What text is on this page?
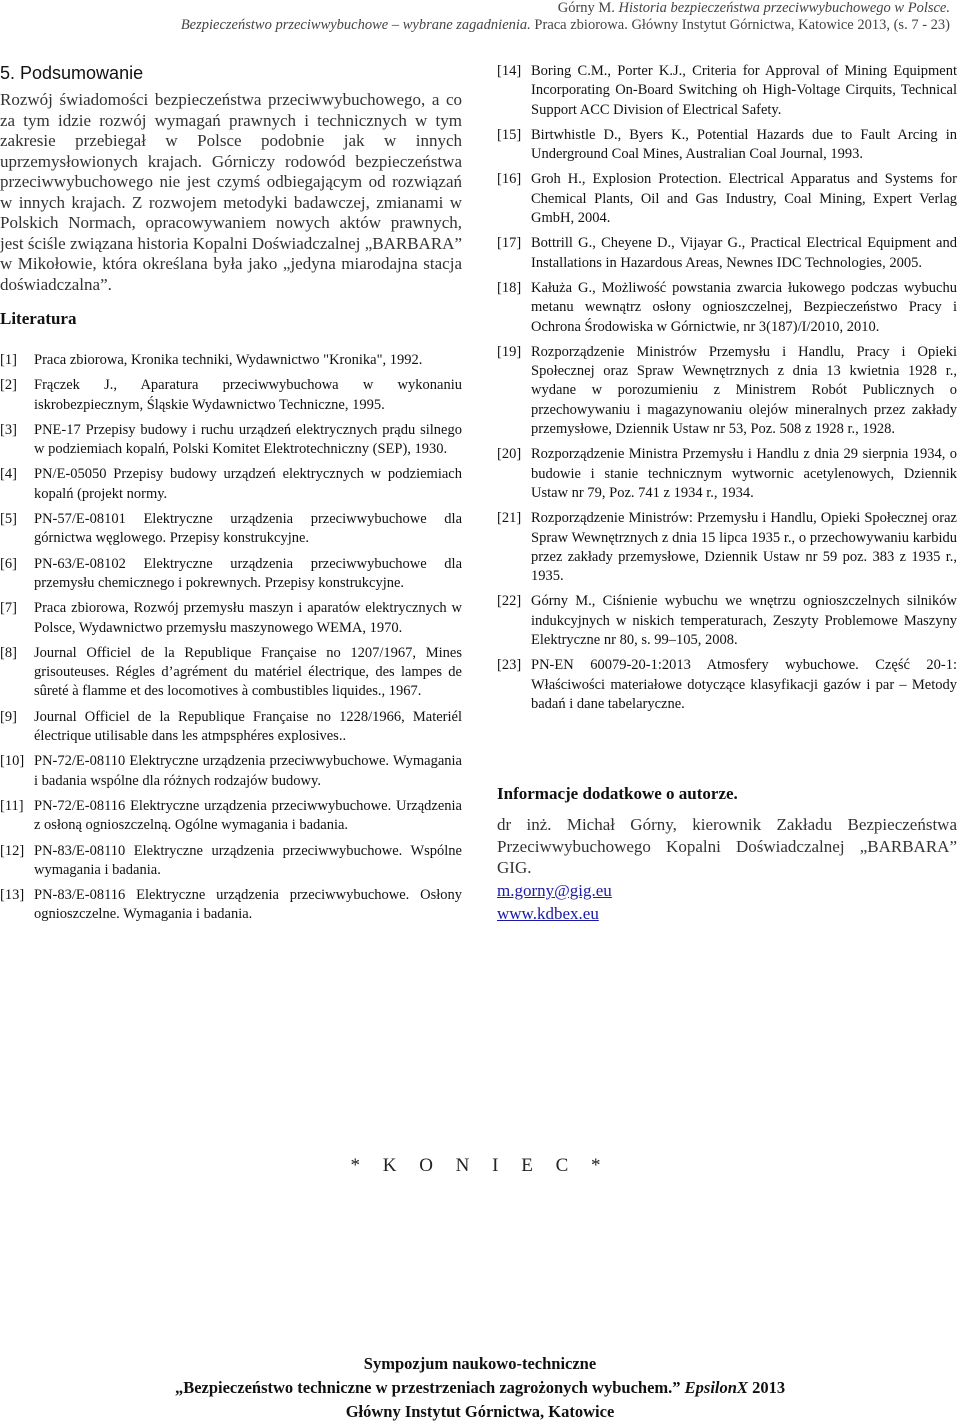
Górny M. Historia bezpieczeństwa przeciwwybuchowego w Polsce.
Bezpieczeństwo przeciwwybuchowe – wybrane zagadnienia. Praca zbiorowa. Główny Instytut Górnictwa, Katowice 2013, (s. 7 - 23)
5. Podsumowanie

Rozwój świadomości bezpieczeństwa przeciwwybuchowego, a co za tym idzie rozwój wymagań prawnych i technicznych w tym zakresie przebiegał w Polsce podobnie jak w innych uprzemysłowionych krajach. Górniczy rodowód bezpieczeństwa przeciwwybuchowego nie jest czymś odbiegającym od rozwiązań w innych krajach. Z rozwojem metodyki badawczej, zmianami w Polskich Normach, opracowywaniem nowych aktów prawnych, jest ściśle związana historia Kopalni Doświadczalnej „BARBARA” w Mikołowie, która określana była jako „jedyna miarodajna stacja doświadczalna”.

Literatura
[1] Praca zbiorowa, Kronika techniki, Wydawnictwo "Kronika", 1992.
[2] Frączek J., Aparatura przeciwwybuchowa w wykonaniu iskrobezpiecznym, Śląskie Wydawnictwo Techniczne, 1995.
[3] PNE-17 Przepisy budowy i ruchu urządzeń elektrycznych prądu silnego w podziemiach kopalń, Polski Komitet Elektrotechniczny (SEP), 1930.
[4] PN/E-05050 Przepisy budowy urządzeń elektrycznych w podziemiach kopalń (projekt normy.
[5] PN-57/E-08101 Elektryczne urządzenia przeciwwybuchowe dla górnictwa węglowego. Przepisy konstrukcyjne.
[6] PN-63/E-08102 Elektryczne urządzenia przeciwwybuchowe dla przemysłu chemicznego i pokrewnych. Przepisy konstrukcyjne.
[7] Praca zbiorowa, Rozwój przemysłu maszyn i aparatów elektrycznych w Polsce, Wydawnictwo przemysłu maszynowego WEMA, 1970.
[8] Journal Officiel de la Republique Française no 1207/1967, Mines grisouteuses. Régles d’agrément du matériel électrique, des lampes de sûreté à flamme et des locomotives à combustibles liquides., 1967.
[9] Journal Officiel de la Republique Française no 1228/1966, Materiél électrique utilisable dans les atmpsphéres explosives..
[10] PN-72/E-08110 Elektryczne urządzenia przeciwwybuchowe. Wymagania i badania wspólne dla różnych rodzajów budowy.
[11] PN-72/E-08116 Elektryczne urządzenia przeciwwybuchowe. Urządzenia z osłoną ognioszczelną. Ogólne wymagania i badania.
[12] PN-83/E-08110 Elektryczne urządzenia przeciwwybuchowe. Wspólne wymagania i badania.
[13] PN-83/E-08116 Elektryczne urządzenia przeciwwybuchowe. Osłony ognioszczelne. Wymagania i badania.
[14] Boring C.M., Porter K.J., Criteria for Approval of Mining Equipment Incorporating On-Board Switching oh High-Voltage Cirquits, Technical Support ACC Division of Electrical Safety.
[15] Birtwhistle D., Byers K., Potential Hazards due to Fault Arcing in Underground Coal Mines, Australian Coal Journal, 1993.
[16] Groh H., Explosion Protection. Electrical Apparatus and Systems for Chemical Plants, Oil and Gas Industry, Coal Mining, Expert Verlag GmbH, 2004.
[17] Bottrill G., Cheyene D., Vijayar G., Practical Electrical Equipment and Installations in Hazardous Areas, Newnes IDC Technologies, 2005.
[18] Kałuża G., Możliwość powstania zwarcia łukowego podczas wybuchu metanu wewnątrz osłony ognioszczelnej, Bezpieczeństwo Pracy i Ochrona Środowiska w Górnictwie, nr 3(187)/I/2010, 2010.
[19] Rozporządzenie Ministrów Przemysłu i Handlu, Pracy i Opieki Społecznej oraz Spraw Wewnętrznych z dnia 13 kwietnia 1928 r., wydane w porozumieniu z Ministrem Robót Publicznych o przechowywaniu i magazynowaniu olejów mineralnych przez zakłady przemysłowe, Dziennik Ustaw nr 53, Poz. 508 z 1928 r., 1928.
[20] Rozporządzenie Ministra Przemysłu i Handlu z dnia 29 sierpnia 1934, o budowie i stanie technicznym wytwornic acetylenowych, Dziennik Ustaw nr 79, Poz. 741 z 1934 r., 1934.
[21] Rozporządzenie Ministrów: Przemysłu i Handlu, Opieki Społecznej oraz Spraw Wewnętrznych z dnia 15 lipca 1935 r., o przechowywaniu karbidu przez zakłady przemysłowe, Dziennik Ustaw nr 59 poz. 383 z 1935 r., 1935.
[22] Górny M., Ciśnienie wybuchu we wnętrzu ognioszczelnych silników indukcyjnych w niskich temperaturach, Zeszyty Problemowe Maszyny Elektryczne nr 80, s. 99–105, 2008.
[23] PN-EN 60079-20-1:2013 Atmosfery wybuchowe. Część 20-1: Właściwości materiałowe dotyczące klasyfikacji gazów i par – Metody badań i dane tabelaryczne.
Informacje dodatkowe o autorze.

dr inż. Michał Górny, kierownik Zakładu Bezpieczeństwa Przeciwwybuchowego Kopalni Doświadczalnej „BARBARA” GIG.

m.gorny@gig.eu
www.kdbex.eu
* K O N I E C *
Sympozjum naukowo-techniczne
„Bezpieczeństwo techniczne w przestrzeniach zagrożonych wybuchem.” EpsilonX 2013
Główny Instytut Górnictwa, Katowice
